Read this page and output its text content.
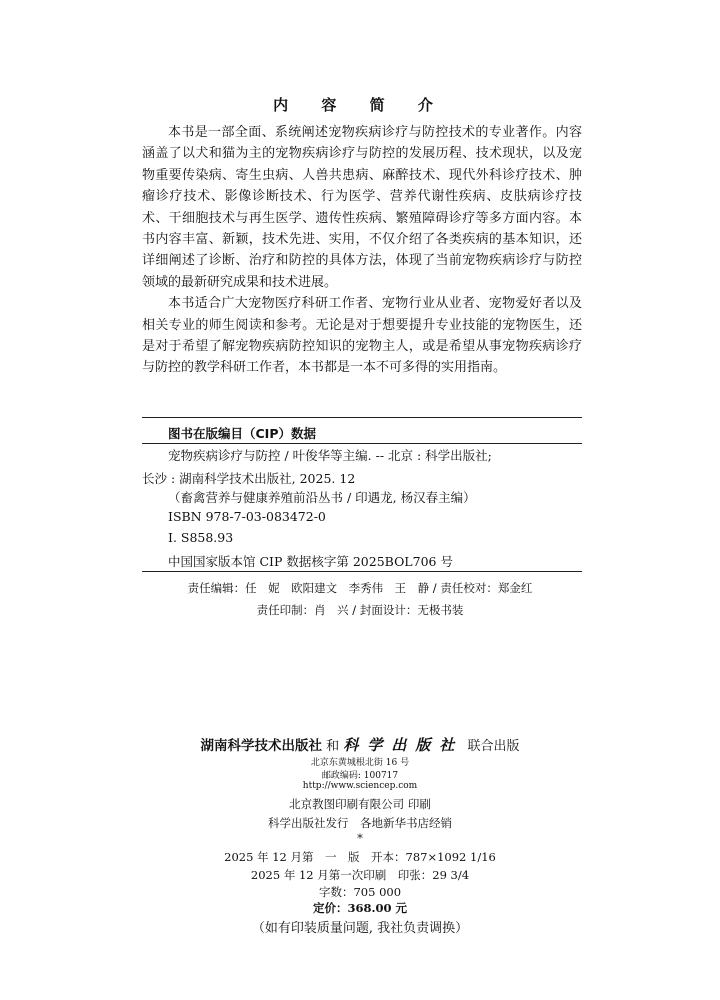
内 容 简 介

本书是一部全面、系统阐述宠物疾病诊疗与防控技术的专业著作。内容涵盖了以犬和猫为主的宠物疾病诊疗与防控的发展历程、技术现状，以及宠物重要传染病、寄生虫病、人兽共患病、麻醉技术、现代外科诊疗技术、肿瘤诊疗技术、影像诊断技术、行为医学、营养代谢性疾病、皮肤病诊疗技术、干细胞技术与再生医学、遗传性疾病、繁殖障碍诊疗等多方面内容。本书内容丰富、新颖，技术先进、实用，不仅介绍了各类疾病的基本知识，还详细阐述了诊断、治疗和防控的具体方法，体现了当前宠物疾病诊疗与防控领域的最新研究成果和技术进展。

本书适合广大宠物医疗科研工作者、宠物行业从业者、宠物爱好者以及相关专业的师生阅读和参考。无论是对于想要提升专业技能的宠物医生，还是对于希望了解宠物疾病防控知识的宠物主人，或是希望从事宠物疾病诊疗与防控的教学科研工作者，本书都是一本不可多得的实用指南。

图书在版编目（CIP）数据
宠物疾病诊疗与防控 / 叶俊华等主编. -- 北京 : 科学出版社;
长沙 : 湖南科学技术出版社, 2025. 12
（畜禽营养与健康养殖前沿丛书 / 印遇龙, 杨汉春主编）
ISBN 978-7-03-083472-0
Ⅰ. S858.93
中国国家版本馆 CIP 数据核字第 2025BOL706 号
责任编辑：任　妮　欧阳建文　李秀伟　王　静 / 责任校对：郑金红
责任印制：肖　兴 / 封面设计：无极书装
湖南科学技术出版社 和 科学出版社 联合出版
北京东黄城根北街 16 号
邮政编码: 100717
http://www.sciencep.com
北京教图印刷有限公司 印刷
科学出版社发行　各地新华书店经销
*
2025 年 12 月第　一　版　开本：787×1092 1/16
2025 年 12 月第一次印刷　印张：29 3/4
字数：705 000
定价：368.00 元
（如有印装质量问题, 我社负责调换）
